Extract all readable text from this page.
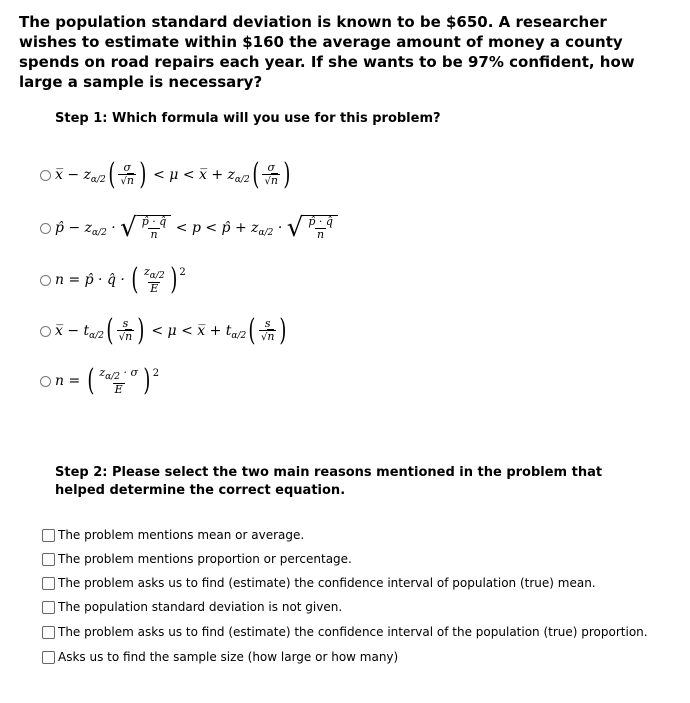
The population standard deviation is known to be $650. A researcher wishes to estimate within $160 the average amount of money a county spends on road repairs each year. If she wants to be 97% confident, how large a sample is necessary?
Step 1: Which formula will you use for this problem?
x̅ − $z_{\alpha/2}( \frac{\sigma}{√n}$ ) < μ < x̅ + $z_{\alpha/2}( \frac{\sigma}{√n}$ )
p̂ − $z_{\alpha/2}$ · √ $\frac{p̂ \cdot q̂}{n} < p$ < p̂ + $z_{\alpha/2}$ · √ $\frac{p̂ \cdot q̂}{n}$
n = p̂ · q̂ · ( $\frac{z_{\alpha/2}}{E}$ ) $^2$
x̅ − $t_{\alpha/2}( \frac{s}{√n}$ ) < μ < x̅ + $t_{\alpha/2}( \frac{s}{√n}$ )
n = ( $\frac{z_{\alpha/2} \cdot \sigma}{E}$ ) $^2$
Step 2: Please select the two main reasons mentioned in the problem that helped determine the correct equation.
The problem mentions mean or average.
The problem mentions proportion or percentage.
The problem asks us to find (estimate) the confidence interval of population (true) mean.
The population standard deviation is not given.
The problem asks us to find (estimate) the confidence interval of the population (true) proportion.
Asks us to find the sample size (how large or how many)
